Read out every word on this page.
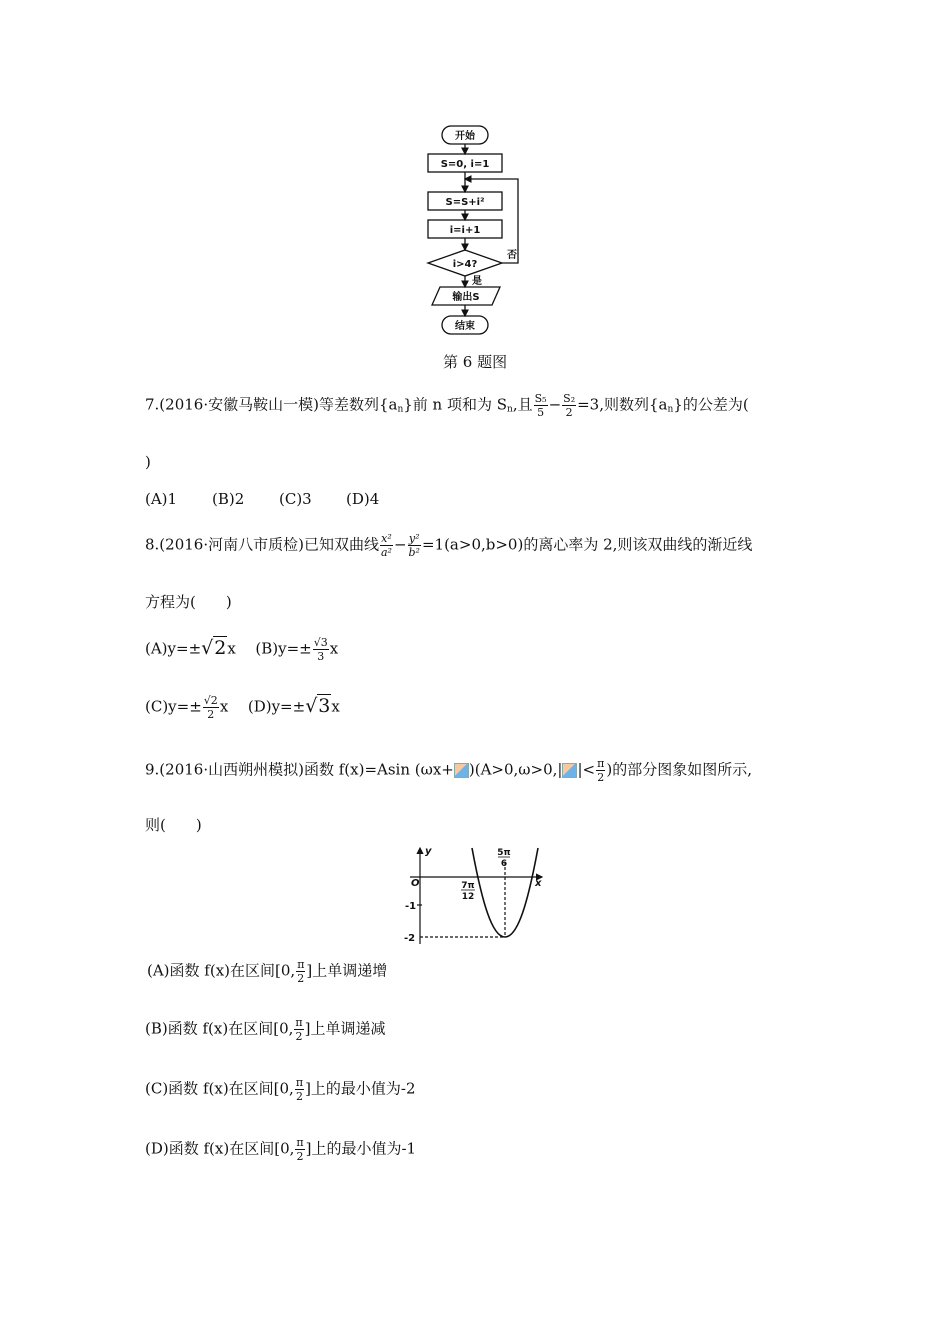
开始
S=0, i=1
S=S+i²
i=i+1
i>4?
否
是
输出S
结束
第 6 题图
7.(2016·安徽马鞍山一模)等差数列$\{a_n\}$前 n 项和为 $S_n$,且 $\frac{\text{S₅}}{5} - \frac{\text{S₂}}{2} =3$,则数列$\{a_n\}$的公差为(
)
(A)1 (B)2 (C)3 (D)4
8.(2016·河南八市质检)已知双曲线 $\frac{\text{x²}}{\text{a²}} - \frac{\text{y²}}{\text{b²}} =1(a>0,b>0)$的离心率为 2,则该双曲线的渐近线
方程为(　　)
(A)y=±√2x $(B)y=\pm \frac{√3}{3}$ x
$(C)y=\pm \frac{√2}{2}$ x (D)y=±√3x
9.(2016·山西朔州模拟)函数 f(x)=Asin (ωx+ )(A>0,ω>0,| |< $\frac{\pi}{2}$ )的部分图象如图所示,
则(　　)
y
x
O
-1
-2
7π
12
5π
6
(A)函数 f(x)在区间[0, $\frac{\pi}{2}$ ]上单调递增
(B)函数 f(x)在区间[0, $\frac{\pi}{2}$ ]上单调递减
(C)函数 f(x)在区间[0, $\frac{\pi}{2}$ ]上的最小值为-2
(D)函数 f(x)在区间[0, $\frac{\pi}{2}$ ]上的最小值为-1
